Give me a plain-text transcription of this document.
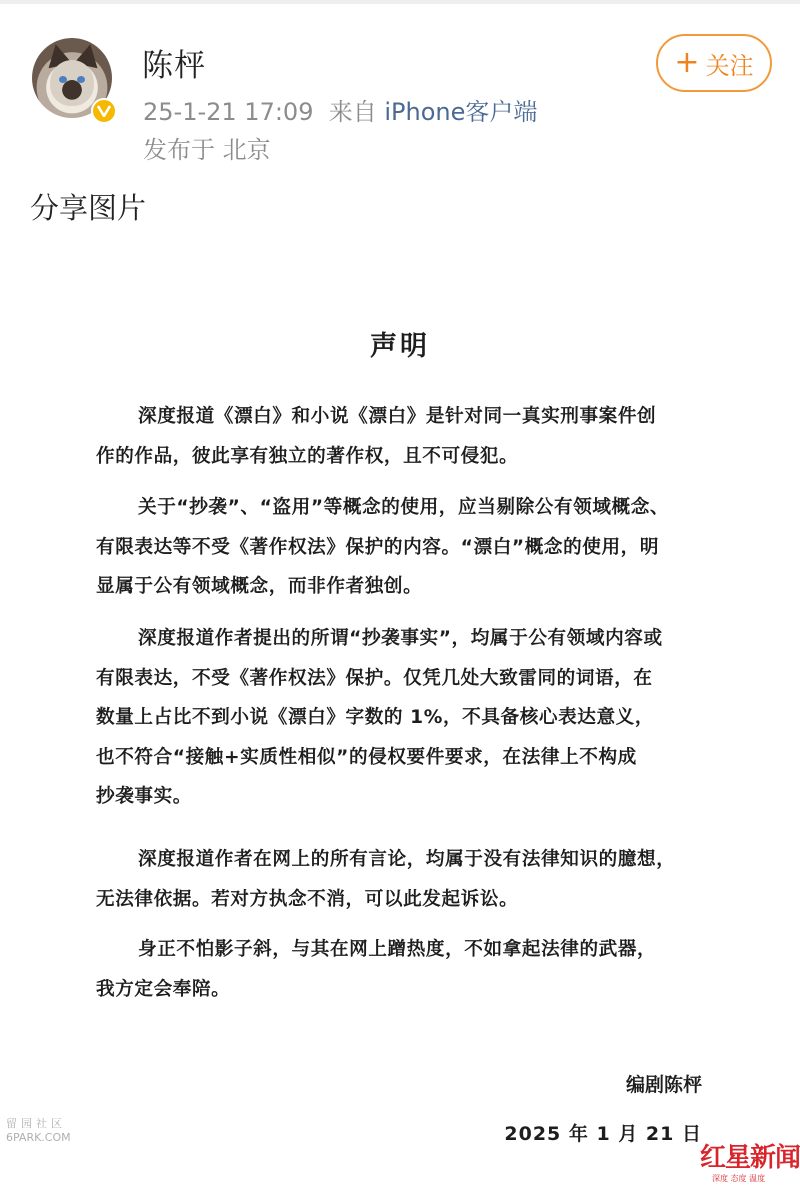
陈枰
25-1-21 17:09 来自 iPhone客户端
发布于 北京
+ 关注
分享图片
声明
深度报道《漂白》和小说《漂白》是针对同一真实刑事案件创
作的作品，彼此享有独立的著作权，且不可侵犯。
关于“抄袭”、“盗用”等概念的使用，应当剔除公有领域概念、
有限表达等不受《著作权法》保护的内容。“漂白”概念的使用，明
显属于公有领域概念，而非作者独创。
深度报道作者提出的所谓“抄袭事实”，均属于公有领域内容或
有限表达，不受《著作权法》保护。仅凭几处大致雷同的词语，在
数量上占比不到小说《漂白》字数的 1%，不具备核心表达意义，
也不符合“接触+实质性相似”的侵权要件要求，在法律上不构成
抄袭事实。
深度报道作者在网上的所有言论，均属于没有法律知识的臆想，
无法律依据。若对方执念不消，可以此发起诉讼。
身正不怕影子斜，与其在网上蹭热度，不如拿起法律的武器，
我方定会奉陪。
编剧陈枰
2025 年 1 月 21 日
留园社区
6PARK.COM
红星新闻
深度 态度 温度
